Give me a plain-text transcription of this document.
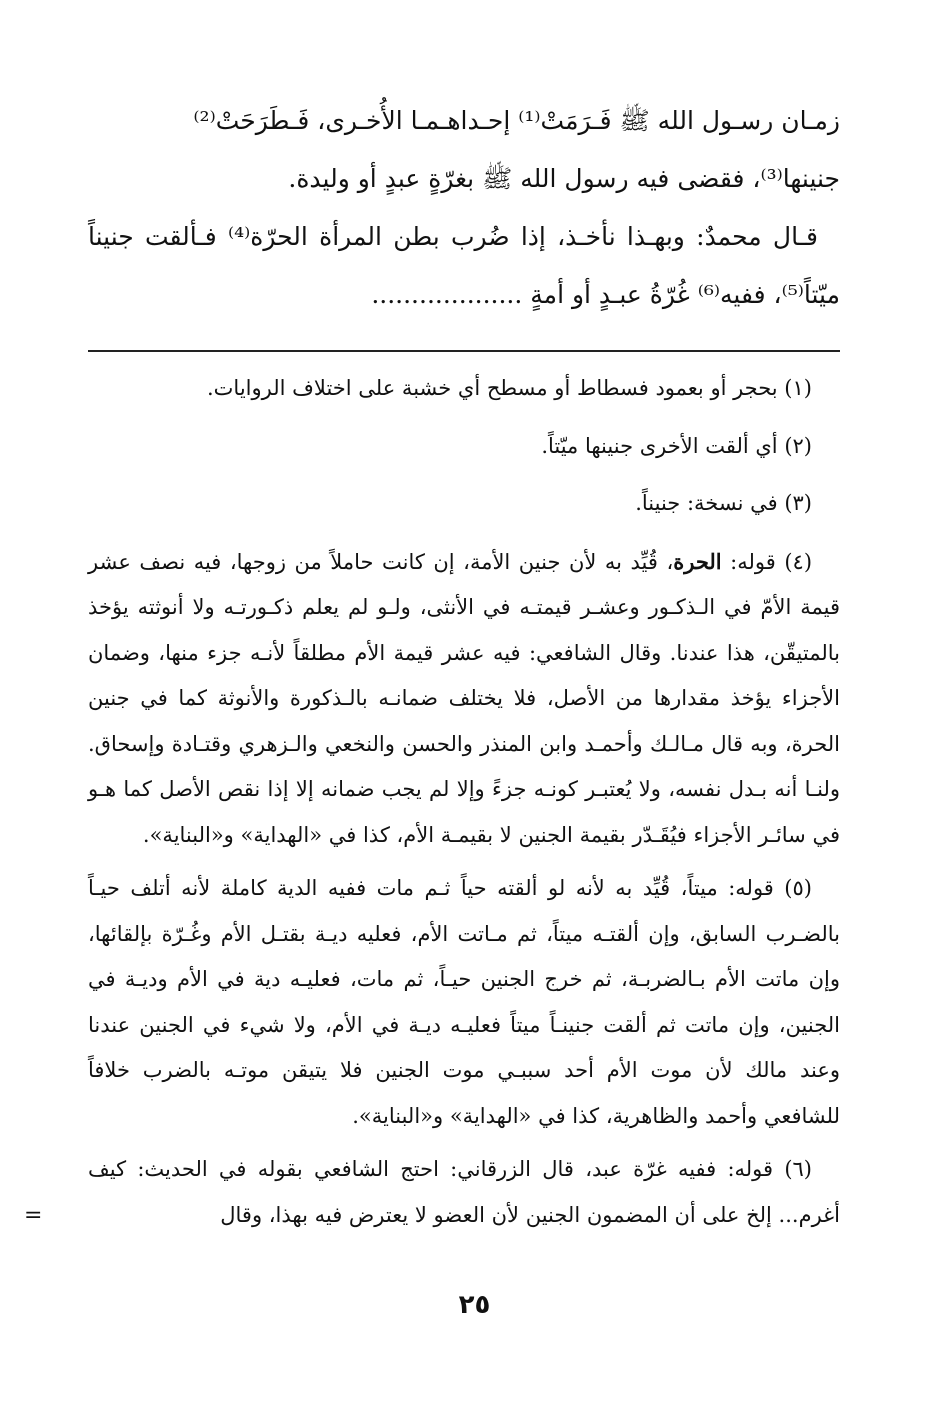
زمـان رسـول الله ﷺ فَـرَمَتْ⁽¹⁾ إحـداهـمـا الأُخـرى، فَـطَرَحَتْ⁽²⁾

جنينها⁽³⁾، فقضى فيه رسول الله ﷺ بغرّةٍ عبدٍ أو وليدة.

قـال محمدٌ: وبهـذا نأخـذ، إذا ضُرب بطن المرأة الحرّة⁽⁴⁾ فـألقت جنيناً ميّتاً⁽⁵⁾، ففيه⁽⁶⁾ غُرّةُ عبـدٍ أو أمةٍ ...................

(١) بحجر أو بعمود فسطاط أو مسطح أي خشبة على اختلاف الروايات.

(٢) أي ألقت الأخرى جنينها ميّتاً.

(٣) في نسخة: جنيناً.

(٤) قوله: الحرة، قُيِّد به لأن جنين الأمة، إن كانت حاملاً من زوجها، فيه نصف عشر قيمة الأمّ في الـذكـور وعشـر قيمتـه في الأنثى، ولـو لم يعلم ذكـورتـه ولا أنوثته يؤخذ بالمتيقّن، هذا عندنا. وقال الشافعي: فيه عشر قيمة الأم مطلقاً لأنـه جزء منها، وضمان الأجزاء يؤخذ مقدارها من الأصل، فلا يختلف ضمانـه بالـذكورة والأنوثة كما في جنين الحرة، وبه قال مـالـك وأحمـد وابن المنذر والحسن والنخعي والـزهري وقتـادة وإسحاق. ولنـا أنه بـدل نفسه، ولا يُعتبـر كونـه جزءً وإلا لم يجب ضمانه إلا إذا نقص الأصل كما هـو في سائـر الأجزاء فيُقَـدّر بقيمة الجنين لا بقيمـة الأم، كذا في «الهداية» و«البناية».

(٥) قوله: ميتاً، قُيِّد به لأنه لو ألقته حياً ثـم مات ففيه الدية كاملة لأنه أتلف حيـاً بالضـرب السابق، وإن ألقتـه ميتاً، ثم مـاتت الأم، فعليه ديـة بقتـل الأم وغُـرّة بإلقائها، وإن ماتت الأم بـالضربـة، ثم خرج الجنين حيـاً، ثم مات، فعليـه دية في الأم وديـة في الجنين، وإن ماتت ثم ألقت جنينـاً ميتاً فعليـه ديـة في الأم، ولا شيء في الجنين عندنا وعند مالك لأن موت الأم أحد سببـي موت الجنين فلا يتيقن موتـه بالضرب خلافاً للشافعي وأحمد والظاهرية، كذا في «الهداية» و«البناية».

(٦) قوله: ففيه غرّة عبد، قال الزرقاني: احتج الشافعي بقوله في الحديث: كيف أغرم... إلخ على أن المضمون الجنين لأن العضو لا يعترض فيه بهذا، وقال
=

٢٥
